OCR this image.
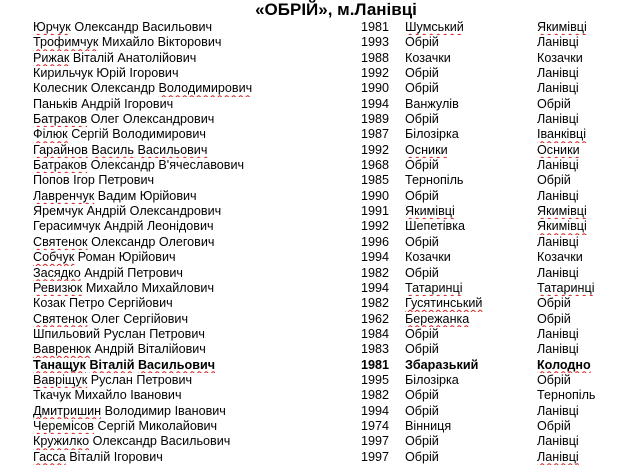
«ОБРІЙ», м.Ланівці
Юрчук Олександр Васильович	1981	Шумський	Якимівці
Трофимчук Михайло Вікторович	1993	Обрій	Ланівці
Рижак Віталій Анатолійович	1988	Козачки	Козачки
Кирильчук Юрій Ігорович	1992	Обрій	Ланівці
Колесник Олександр Володимирович	1990	Обрій	Ланівці
Паньків Андрій Ігорович	1994	Ванжулів	Обрій
Батраков Олег Олександрович	1989	Обрій	Ланівці
Філюк Сергій Володимирович	1987	Білозірка	Іванківці
Гарайнов Василь Васильович	1992	Осники	Осники
Батраков Олександр В'ячеславович	1968	Обрій	Ланівці
Попов Ігор Петрович	1985	Тернопіль	Обрій
Лавренчук Вадим Юрійович	1990	Обрій	Ланівці
Яремчук Андрій Олександрович	1991	Якимівці	Якимівці
Герасимчук Андрій Леонідович	1992	Шепетівка	Якимівці
Святенок Олександр Олегович	1996	Обрій	Ланівці
Собчук Роман Юрійович	1994	Козачки	Козачки
Засядко Андрій Петрович	1982	Обрій	Ланівці
Ревизюк Михайло Михайлович	1994	Татаринці	Татаринці
Козак Петро Сергійович	1982	Гусятинський	Обрій
Святенок Олег Сергійович	1962	Бережанка	Обрій
Шпильовий Руслан Петрович	1984	Обрій	Ланівці
Вавренюк Андрій Віталійович	1983	Обрій	Ланівці
Танащук Віталій Васильович	1981	Збаразький	Колодно
Вавріщук Руслан Петрович	1995	Білозірка	Обрій
Ткачук Михайло Іванович	1982	Обрій	Тернопіль
Дмитришин Володимир Іванович	1994	Обрій	Ланівці
Черемісов Сергій Миколайович	1974	Вінниця	Обрій
Кружилко Олександр Васильович	1997	Обрій	Ланівці
Гасса Віталій Ігорович	1997	Обрій	Ланівці
